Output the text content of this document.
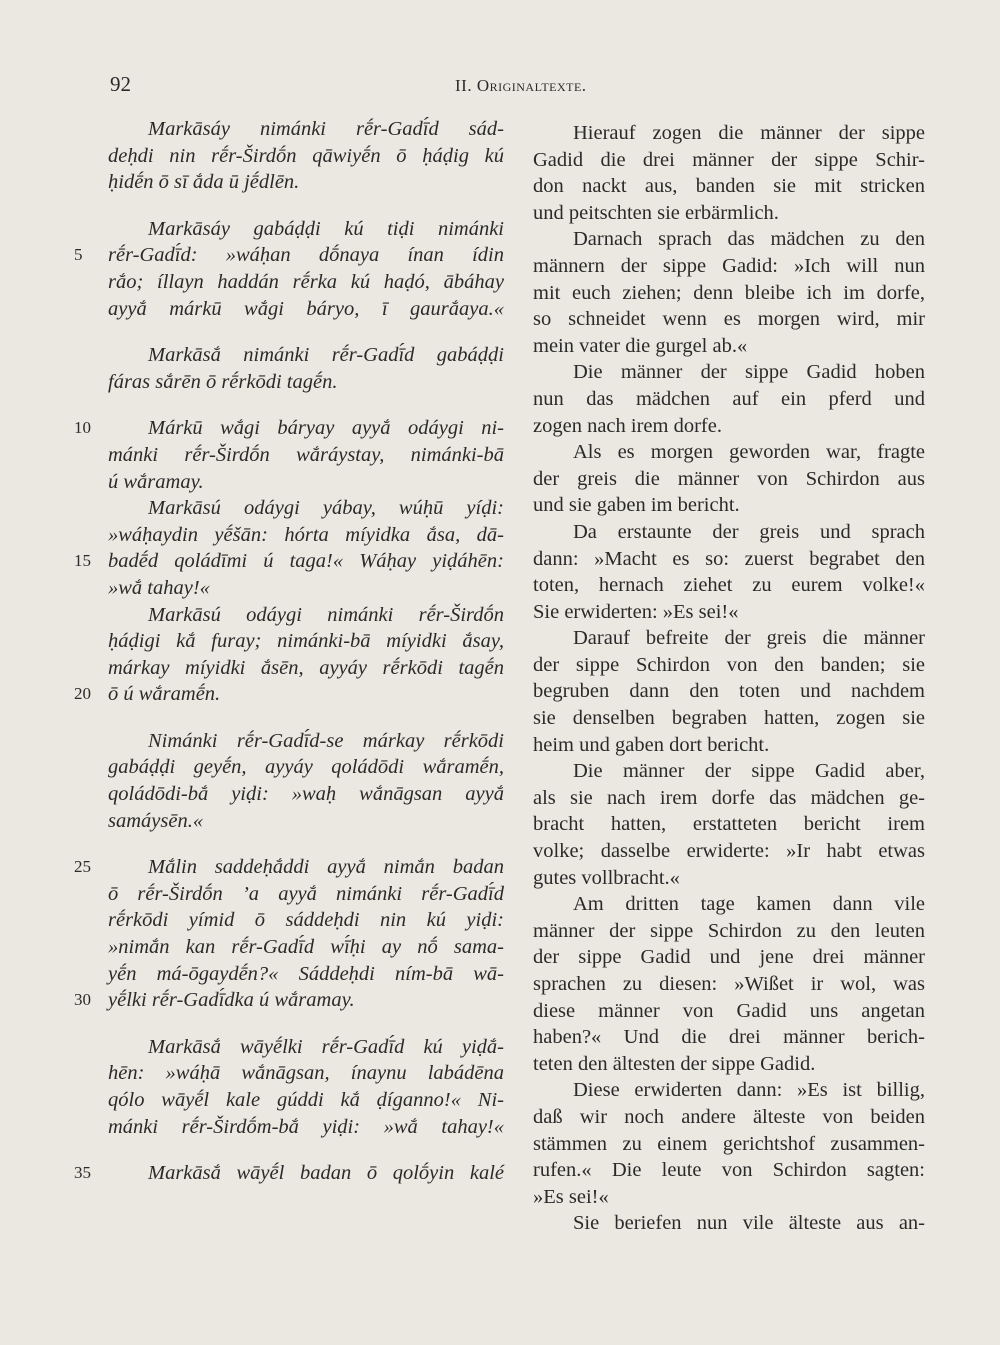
92	II. Originaltexte.
Markāsáy nimánki rḗr-Gadī́d sád-
deḥdi nin rḗr-Širdṓn qāwiyḗn ō ḥáḍig kú
ḥidḗn ō sī ắda ū jḗdlēn.
Markāsáy gabáḍḍi kú tiḍi nimánki
rḗr-Gadī́d: »wáḥan dṓnaya ínan ídin
5
rắo; íllayn haddán rḗrka kú haḍó, ābáhay
ayyắ márkū wắgi báryo, ī gaurắaya.«
Markāsắ nimánki rḗr-Gadī́d gabáḍḍi
fáras sắrēn ō rḗrkōdi tagḗn.
Márkū wắgi báryay ayyắ odáygi ni-
10
mánki rḗr-Širdṓn wắráystay, nimánki-bā
ú wắramay.
Markāsú odáygi yábay, wúḥū yíḍi:
»wáḥaydin yḗšān: hórta míyidka ắsa, dā-
badḗd qoládīmi ú taga!« Wáḥay yiḍáhēn:
15
»wắ tahay!«
Markāsú odáygi nimánki rḗr-Širdṓn
ḥáḍigi kắ furay; nimánki-bā míyidki ắsay,
márkay míyidki ắsēn, ayyáy rḗrkōdi tagḗn
ō ú wắramḗn.
20
Nimánki rḗr-Gadī́d-se márkay rḗrkōdi
gabáḍḍi geyḗn, ayyáy qoládōdi wắramḗn,
qoládōdi-bắ yiḍi: »waḥ wắnāgsan ayyắ
samáysēn.«
Mắlin saddeḥắddi ayyắ nimắn badan
25
ō rḗr-Širdṓn ’a ayyắ nimánki rḗr-Gadī́d
rḗrkōdi yímid ō sáddeḥdi nin kú yiḍi:
»nimắn kan rḗr-Gadī́d wī́ḥi ay nṓ sama-
yḗn má-ōgaydḗn?« Sáddeḥdi ním-bā wā-
yḗlki rḗr-Gadī́dka ú wắramay.
30
Markāsắ wāyḗlki rḗr-Gadī́d kú yiḍắ-
hēn: »wáḥā wắnāgsan, ínaynu labádēna
qólo wāyḗl kale gúddi kắ ḍíganno!« Ni-
mánki rḗr-Širdṓm-bắ yiḍi: »wắ tahay!«
Markāsắ wāyḗl badan ō qolṓyin kalé
35
Hierauf zogen die männer der sippe
Gadid die drei männer der sippe Schir-
don nackt aus, banden sie mit stricken
und peitschten sie erbärmlich.
Darnach sprach das mädchen zu den
männern der sippe Gadid: »Ich will nun
mit euch ziehen; denn bleibe ich im dorfe,
so schneidet wenn es morgen wird, mir
mein vater die gurgel ab.«
Die männer der sippe Gadid hoben
nun das mädchen auf ein pferd und
zogen nach irem dorfe.
Als es morgen geworden war, fragte
der greis die männer von Schirdon aus
und sie gaben im bericht.
Da erstaunte der greis und sprach
dann: »Macht es so: zuerst begrabet den
toten, hernach ziehet zu eurem volke!«
Sie erwiderten: »Es sei!«
Darauf befreite der greis die männer
der sippe Schirdon von den banden; sie
begruben dann den toten und nachdem
sie denselben begraben hatten, zogen sie
heim und gaben dort bericht.
Die männer der sippe Gadid aber,
als sie nach irem dorfe das mädchen ge-
bracht hatten, erstatteten bericht irem
volke; dasselbe erwiderte: »Ir habt etwas
gutes vollbracht.«
Am dritten tage kamen dann vile
männer der sippe Schirdon zu den leuten
der sippe Gadid und jene drei männer
sprachen zu diesen: »Wißet ir wol, was
diese männer von Gadid uns angetan
haben?« Und die drei männer berich-
teten den ältesten der sippe Gadid.
Diese erwiderten dann: »Es ist billig,
daß wir noch andere älteste von beiden
stämmen zu einem gerichtshof zusammen-
rufen.« Die leute von Schirdon sagten:
»Es sei!«
Sie beriefen nun vile älteste aus an-
